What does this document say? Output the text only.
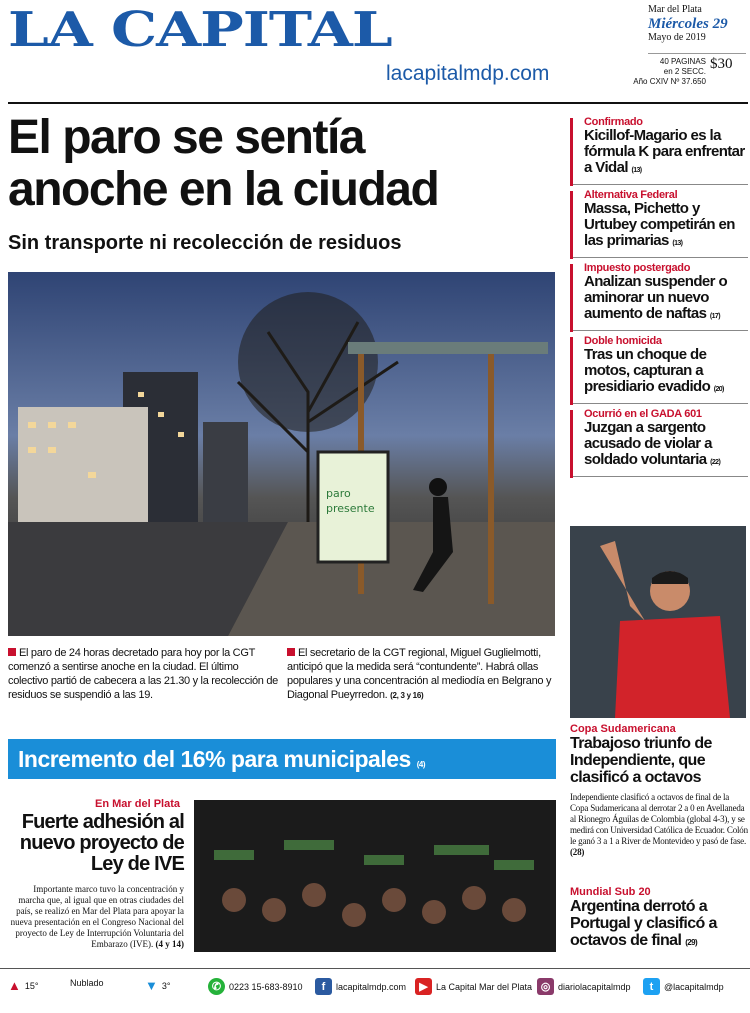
LA CAPITAL
lacapitalmdp.com
Mar del Plata
Miércoles 29
Mayo de 2019
40 PAGINAS
en 2 SECC.
Año CXIV Nº 37.650
$30
El paro se sentía
anoche en la ciudad
Sin transporte ni recolección de residuos
paro
presente
El paro de 24 horas decretado para hoy por la CGT comenzó a sentirse anoche en la ciudad. El último colectivo partió de cabecera a las 21.30 y la recolección de residuos se suspendió a las 19.
El secretario de la CGT regional, Miguel Guglielmotti, anticipó que la medida será “contundente”. Habrá ollas populares y una concentración al mediodía en Belgrano y Diagonal Pueyrredon. (2, 3 y 16)
Incremento del 16% para municipales (4)
En Mar del Plata
Fuerte adhesión al nuevo proyecto de Ley de IVE
Importante marco tuvo la concentración y marcha que, al igual que en otras ciudades del país, se realizó en Mar del Plata para apoyar la nueva presentación en el Congreso Nacional del proyecto de Ley de Interrupción Voluntaria del Embarazo (IVE). (4 y 14)
Confirmado
Kicillof-Magario es la fórmula K para enfrentar a Vidal (13)
Alternativa Federal
Massa, Pichetto y Urtubey competirán en las primarias (13)
Impuesto postergado
Analizan suspender o aminorar un nuevo aumento de naftas (17)
Doble homicida
Tras un choque de motos, capturan a presidiario evadido (20)
Ocurrió en el GADA 601
Juzgan a sargento acusado de violar a soldado voluntaria (22)
Copa Sudamericana
Trabajoso triunfo de Independiente, que clasificó a octavos
Independiente clasificó a octavos de final de la Copa Sudamericana al derrotar 2 a 0 en Avellaneda al Rionegro Águilas de Colombia (global 4-3), y se medirá con Universidad Católica de Ecuador. Colón le ganó 3 a 1 a River de Montevideo y pasó de fase. (28)
Mundial Sub 20
Argentina derrotó a Portugal y clasificó a octavos de final (29)
▲ 15°	Nublado	▼ 3°	✆ 0223 15-683-8910	f	lacapitalmdp.com	▶ La Capital Mar del Plata ◎ diariolacapitalmdp	t	@lacapitalmdp
